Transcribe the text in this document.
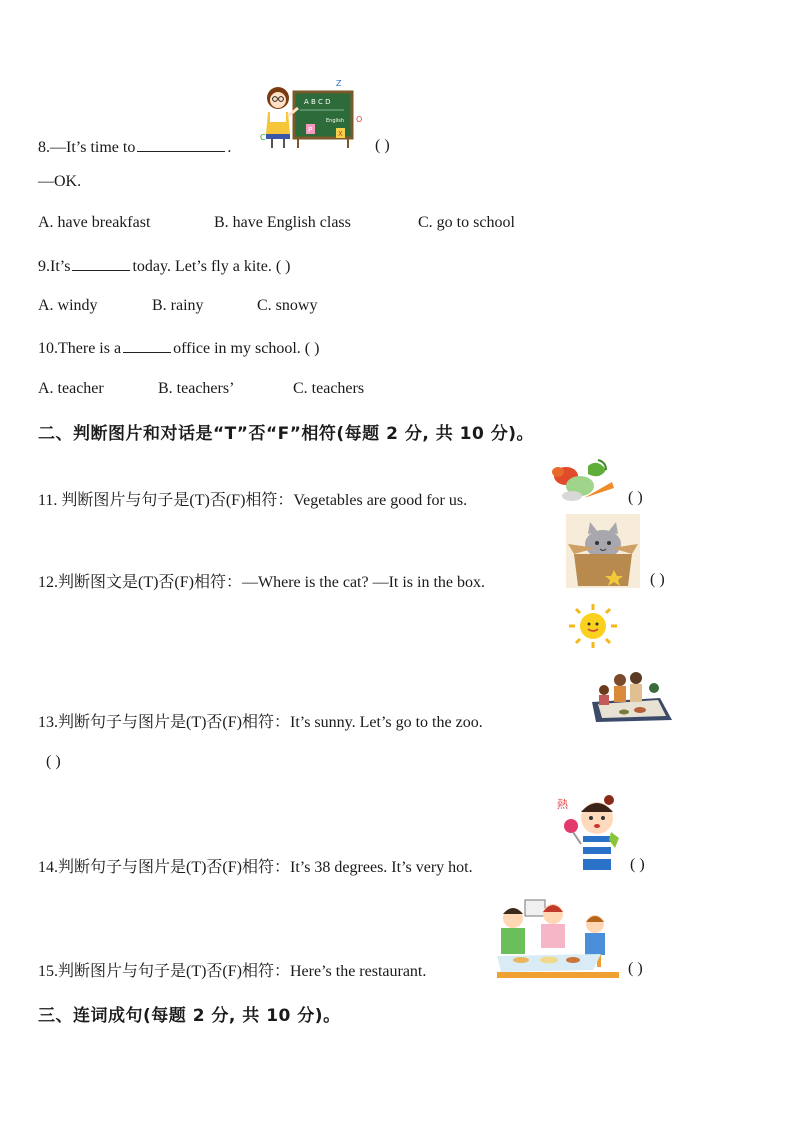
A B C D
English
P	X
Z
O
C
8.—It’s time to	.	( )
—OK.
A. have breakfast	B. have English class	C. go to school
9.It’s	today. Let’s fly a kite. ( )
A. windy	B. rainy	C. snowy
10.There is a	office in my school. ( )
A. teacher	B. teachers’	C. teachers
二、判断图片和对话是“T”否“F”相符(每题 2 分, 共 10 分)。
11. 判断图片与句子是(T)否(F)相符：Vegetables are good for us.	( )
12.判断图文是(T)否(F)相符：—Where is the cat? —It is in the box.	( )
13.判断句子与图片是(T)否(F)相符：It’s sunny. Let’s go to the zoo.
( )
熱
14.判断句子与图片是(T)否(F)相符：It’s 38 degrees. It’s very hot.	( )
15.判断图片与句子是(T)否(F)相符：Here’s the restaurant.	( )
三、连词成句(每题 2 分, 共 10 分)。
